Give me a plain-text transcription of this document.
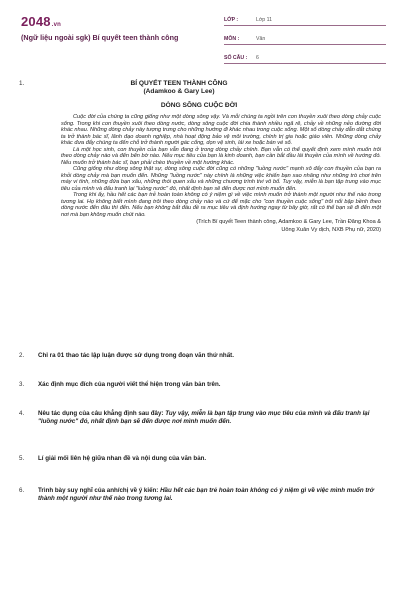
2048.vn
(Ngữ liệu ngoài sgk) Bí quyết teen thành công
LỚP :	Lớp 11
MÔN :	Văn
SỐ CÂU :	6
1.	BÍ QUYẾT TEEN THÀNH CÔNG
(Adamkoo & Gary Lee)
DÒNG SÔNG CUỘC ĐỜI

Cuộc đời của chúng ta cũng giống như một dòng sông vậy. Và mỗi chúng ta ngồi trên con thuyền xuôi theo dòng chảy cuộc sống. Trong khi con thuyền xuôi theo dòng nước, dòng sông cuộc đời chia thành nhiều ngã rẽ, chảy về những nẻo đường đời khác nhau. Những dòng chảy này tượng trưng cho những hướng đi khác nhau trong cuộc sống. Một số dòng chảy dẫn dắt chúng ta trở thành bác sĩ, lãnh đạo doanh nghiệp, nhà hoạt động bảo vệ môi trường, chính trị gia hoặc giáo viên. Những dòng chảy khác đưa đẩy chúng ta đến chỗ trở thành người gác cổng, dọn vệ sinh, lái xe hoặc bán vé số.

Là một học sinh, con thuyền của bạn vẫn đang ở trong dòng chảy chính. Bạn vẫn có thể quyết định xem mình muốn trôi theo dòng chảy nào và đến bến bờ nào. Nếu mục tiêu của bạn là kinh doanh, bạn cần bắt đầu lái thuyền của mình về hướng đó. Nếu muốn trở thành bác sĩ, bạn phải chèo thuyền về một hướng khác.

Cũng giống như dòng sông thật sự, dòng sông cuộc đời cũng có những "luồng nước" mạnh xô đẩy con thuyền của bạn ra khỏi dòng chảy mà bạn muốn đến. Những "luồng nước" này chính là những việc khiến bạn xao nhãng như những trò chơi trên máy vi tính, những đứa bạn xấu, những thói quen xấu và những chương trình tivi vô bổ. Tuy vậy, miễn là bạn tập trung vào mục tiêu của mình và đấu tranh lại "luồng nước" đó, nhất định bạn sẽ đến được nơi mình muốn đến.

Trong khi ấy, hầu hết các bạn trẻ hoàn toàn không có ý niệm gì về việc mình muốn trở thành một người như thế nào trong tương lai. Họ không biết mình đang trôi theo dòng chảy nào và cứ để mặc cho "con thuyền cuộc sống" trôi nổi bập bềnh theo dòng nước đến đâu thì đến. Nếu bạn không bắt đầu đề ra mục tiêu và định hướng ngay từ bây giờ, rất có thể bạn sẽ đi đến một nơi mà bạn không muốn chút nào.

(Trích Bí quyết Teen thành công, Adamkoo & Gary Lee, Trần Đăng Khoa &
Uông Xuân Vy dịch, NXB Phụ nữ, 2020)
2. Chỉ ra 01 thao tác lập luận được sử dụng trong đoạn văn thứ nhất.
3. Xác định mục đích của người viết thể hiện trong văn bản trên.
4. Nêu tác dụng của câu khẳng định sau đây: Tuy vậy, miễn là bạn tập trung vào mục tiêu của mình và đấu tranh lại "luồng nước" đó, nhất định bạn sẽ đến được nơi mình muốn đến.
5. Lí giải mối liên hệ giữa nhan đề và nội dung của văn bản.
6. Trình bày suy nghĩ của anh/chị về ý kiến: Hầu hết các bạn trẻ hoàn toàn không có ý niệm gì về việc mình muốn trở thành một người như thế nào trong tương lai.
